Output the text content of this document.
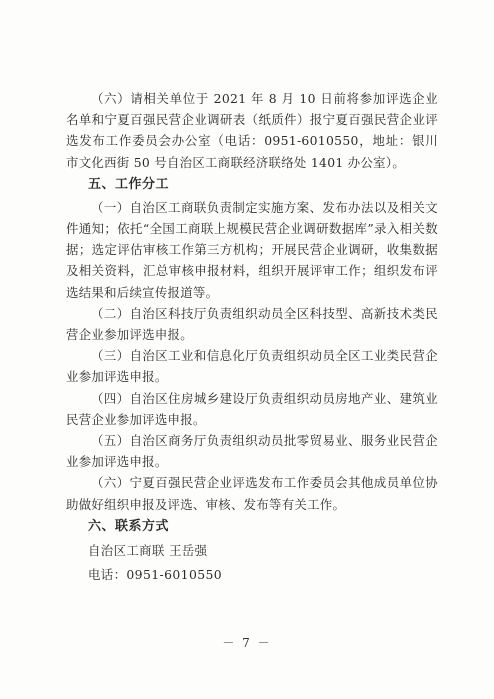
（六）请相关单位于 2021 年 8 月 10 日前将参加评选企业名单和宁夏百强民营企业调研表（纸质件）报宁夏百强民营企业评选发布工作委员会办公室（电话：0951-6010550，地址：银川市文化西街 50 号自治区工商联经济联络处 1401 办公室）。

五、工作分工

（一）自治区工商联负责制定实施方案、发布办法以及相关文件通知；依托“全国工商联上规模民营企业调研数据库”录入相关数据；选定评估审核工作第三方机构；开展民营企业调研，收集数据及相关资料，汇总审核申报材料，组织开展评审工作；组织发布评选结果和后续宣传报道等。

（二）自治区科技厅负责组织动员全区科技型、高新技术类民营企业参加评选申报。

（三）自治区工业和信息化厅负责组织动员全区工业类民营企业参加评选申报。

（四）自治区住房城乡建设厅负责组织动员房地产业、建筑业民营企业参加评选申报。

（五）自治区商务厅负责组织动员批零贸易业、服务业民营企业参加评选申报。

（六）宁夏百强民营企业评选发布工作委员会其他成员单位协助做好组织申报及评选、审核、发布等有关工作。

六、联系方式

自治区工商联 王岳强

电话：0951-6010550

－ 7 －
